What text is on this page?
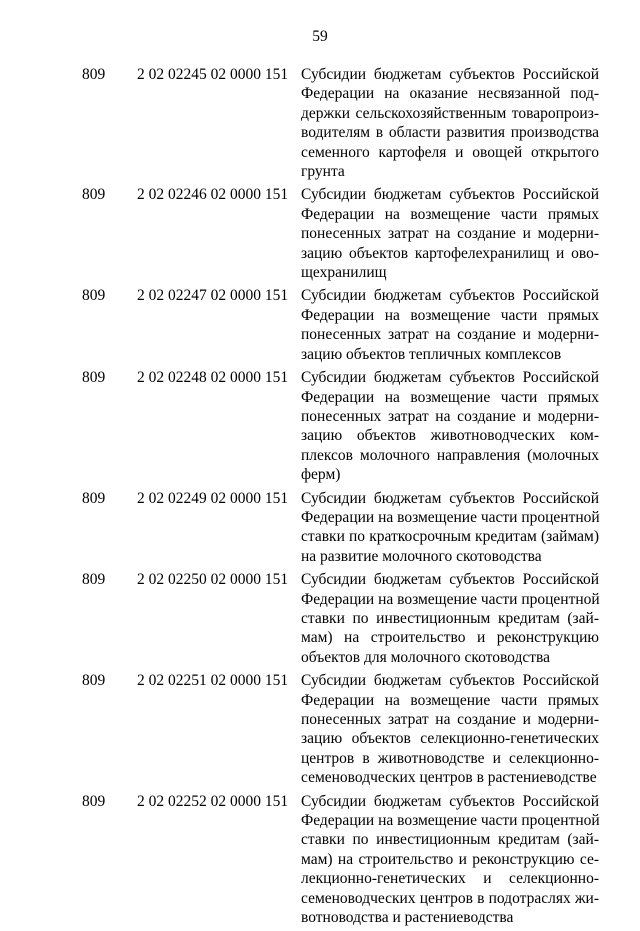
59
809	2 02 02245 02 0000 151 Субсидии бюджетам субъектов Российской
Федерации на оказание несвязанной под-
держки сельскохозяйственным товаропроиз-
водителям в области развития производства
семенного картофеля и овощей открытого
грунта
809	2 02 02246 02 0000 151 Субсидии бюджетам субъектов Российской
Федерации на возмещение части прямых
понесенных затрат на создание и модерни-
зацию объектов картофелехранилищ и ово-
щехранилищ
809	2 02 02247 02 0000 151 Субсидии бюджетам субъектов Российской
Федерации на возмещение части прямых
понесенных затрат на создание и модерни-
зацию объектов тепличных комплексов
809	2 02 02248 02 0000 151 Субсидии бюджетам субъектов Российской
Федерации на возмещение части прямых
понесенных затрат на создание и модерни-
зацию объектов животноводческих ком-
плексов молочного направления (молочных
ферм)
809	2 02 02249 02 0000 151 Субсидии бюджетам субъектов Российской
Федерации на возмещение части процентной
ставки по краткосрочным кредитам (займам)
на развитие молочного скотоводства
809	2 02 02250 02 0000 151 Субсидии бюджетам субъектов Российской
Федерации на возмещение части процентной
ставки по инвестиционным кредитам (зай-
мам) на строительство и реконструкцию
объектов для молочного скотоводства
809	2 02 02251 02 0000 151 Субсидии бюджетам субъектов Российской
Федерации на возмещение части прямых
понесенных затрат на создание и модерни-
зацию объектов селекционно-генетических
центров в животноводстве и селекционно-
семеноводческих центров в растениеводстве
809	2 02 02252 02 0000 151 Субсидии бюджетам субъектов Российской
Федерации на возмещение части процентной
ставки по инвестиционным кредитам (зай-
мам) на строительство и реконструкцию се-
лекционно-генетических и селекционно-
семеноводческих центров в подотраслях жи-
вотноводства и растениеводства
